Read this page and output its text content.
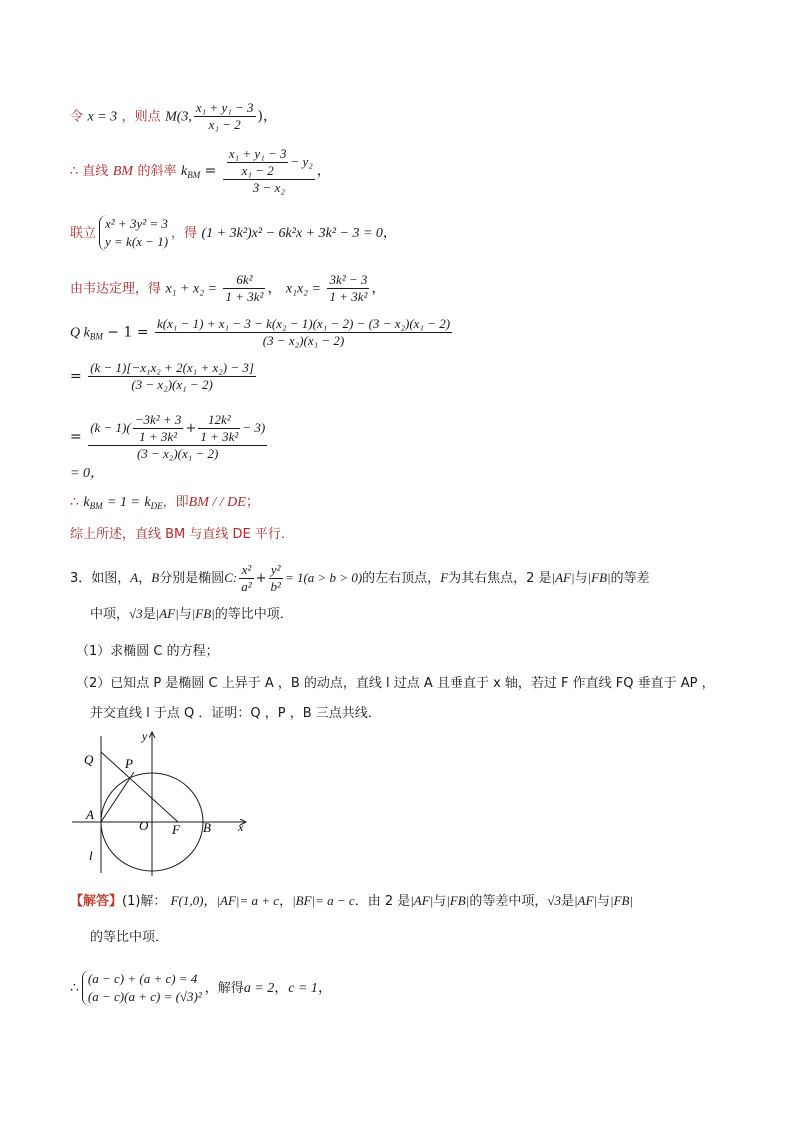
令 x = 3 ，则点 M(3, $\frac{\text{x₁ + y₁ − 3}}{\text{x₁ − 2}}$ )，
∴ 直线 BM 的斜率 $k_{BM} = \frac{\frac{\text{x₁ + y₁ − 3}}{\text{x₁ − 2}} - y_2}{\text{3 − x₂}}$ ，
联立
x² + 3y² = 3
y = k(x − 1)
，得 (1 + 3k²)x² − 6k²x + 3k² − 3 = 0，
由韦达定理，得 $x_1 + x_2 = \frac{\text{6k²}}{\text{1 + 3k²}}$ ， $x_1x_2 = \frac{\text{3k² − 3}}{\text{1 + 3k²}}$ ，
Q $k_{BM} - 1 = \frac{\text{k(x₁ − 1) + x₁ − 3 − k(x₂ − 1)(x₁ − 2) − (3 − x₂)(x₁ − 2)}}{\text{(3 − x₂)(x₁ − 2)}}$
= $\frac{\text{(k − 1)[−x₁x₂ + 2(x₁ + x₂) − 3]}}{\text{(3 − x₂)(x₁ − 2)}}$
= $\frac{(k - 1)( \frac{\text{−3k² + 3}}{\text{1 + 3k²}} + \frac{\text{12k²}}{\text{1 + 3k²}} - 3)}{\text{(3 − x₂)(x₁ − 2)}}$
= 0，
∴ $k_{BM} = 1 = k_{DE}$，即BM / / DE；
综上所述，直线 BM 与直线 DE 平行．
3．如图，A，B分别是椭圆C: $\frac{\text{x²}}{\text{a²}} + \frac{\text{y²}}{\text{b²}} = 1(a > b > 0)$的左右顶点，F为其右焦点，2 是|AF|与|FB|的等差
中项，√3是|AF|与|FB|的等比中项．
（1）求椭圆 C 的方程；
（2）已知点 P 是椭圆 C 上异于 A ，B 的动点，直线 l 过点 A 且垂直于 x 轴，若过 F 作直线 FQ 垂直于 AP ，
并交直线 l 于点 Q ．证明：Q ，P ，B 三点共线．
y
x
Q P
A
O F B
l
【解答】(1)解： F(1,0)，|AF|= a + c，|BF|= a − c．由 2 是|AF|与|FB|的等差中项，√3是|AF|与|FB|
的等比中项．
∴
(a − c) + (a + c) = 4
(a − c)(a + c) = (√3)²
，解得a = 2，c = 1，
